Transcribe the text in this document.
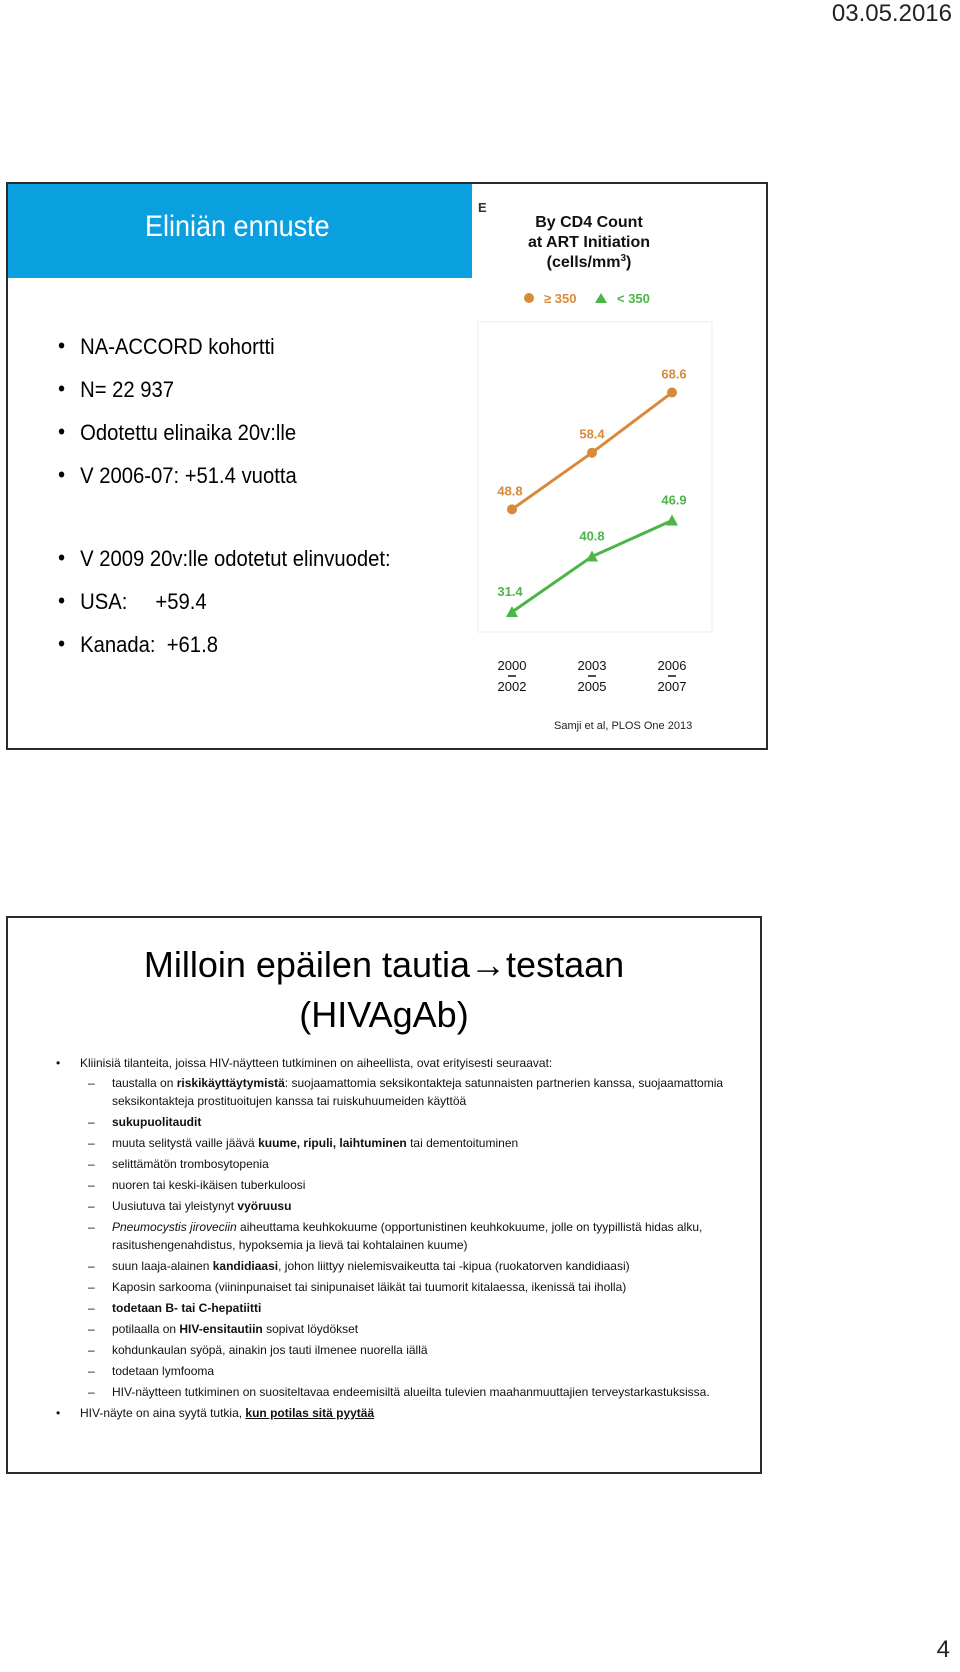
03.05.2016
Eliniän ennuste
• NA-ACCORD kohortti
• N= 22 937
• Odotettu elinaika 20v:lle
• V 2006-07: +51.4 vuotta
• V 2009 20v:lle odotetut elinvuodet:
• USA:     +59.4
• Kanada:  +61.8
E
By CD4 Count
at ART Initiation
$(cells/mm^3)$
≥ 350	< 350
48.8
58.4
68.6
31.4
40.8
46.9
2000
2002
2003
2005
2006
2007
Samji et al, PLOS One 2013
Milloin epäilen tautia→testaan
(HIVAgAb)
• Kliinisiä tilanteita, joissa HIV-näytteen tutkiminen on aiheellista, ovat erityisesti seuraavat:
– taustalla on riskikäyttäytymistä: suojaamattomia seksikontakteja satunnaisten partnerien kanssa, suojaamattomia seksikontakteja prostituoitujen kanssa tai ruiskuhuumeiden käyttöä
– sukupuolitaudit
– muuta selitystä vaille jäävä kuume, ripuli, laihtuminen tai dementoituminen
– selittämätön trombosytopenia
– nuoren tai keski-ikäisen tuberkuloosi
– Uusiutuva tai yleistynyt vyöruusu
– Pneumocystis jiroveciin aiheuttama keuhkokuume (opportunistinen keuhkokuume, jolle on tyypillistä hidas alku, rasitushengenahdistus, hypoksemia ja lievä tai kohtalainen kuume)
– suun laaja-alainen kandidiaasi, johon liittyy nielemisvaikeutta tai -kipua (ruokatorven kandidiaasi)
– Kaposin sarkooma (viininpunaiset tai sinipunaiset läikät tai tuumorit kitalaessa, ikenissä tai iholla)
– todetaan B- tai C-hepatiitti
– potilaalla on HIV-ensitautiin sopivat löydökset
– kohdunkaulan syöpä, ainakin jos tauti ilmenee nuorella iällä
– todetaan lymfooma
– HIV-näytteen tutkiminen on suositeltavaa endeemisiltä alueilta tulevien maahanmuuttajien terveystarkastuksissa.
• HIV-näyte on aina syytä tutkia, kun potilas sitä pyytää
4
